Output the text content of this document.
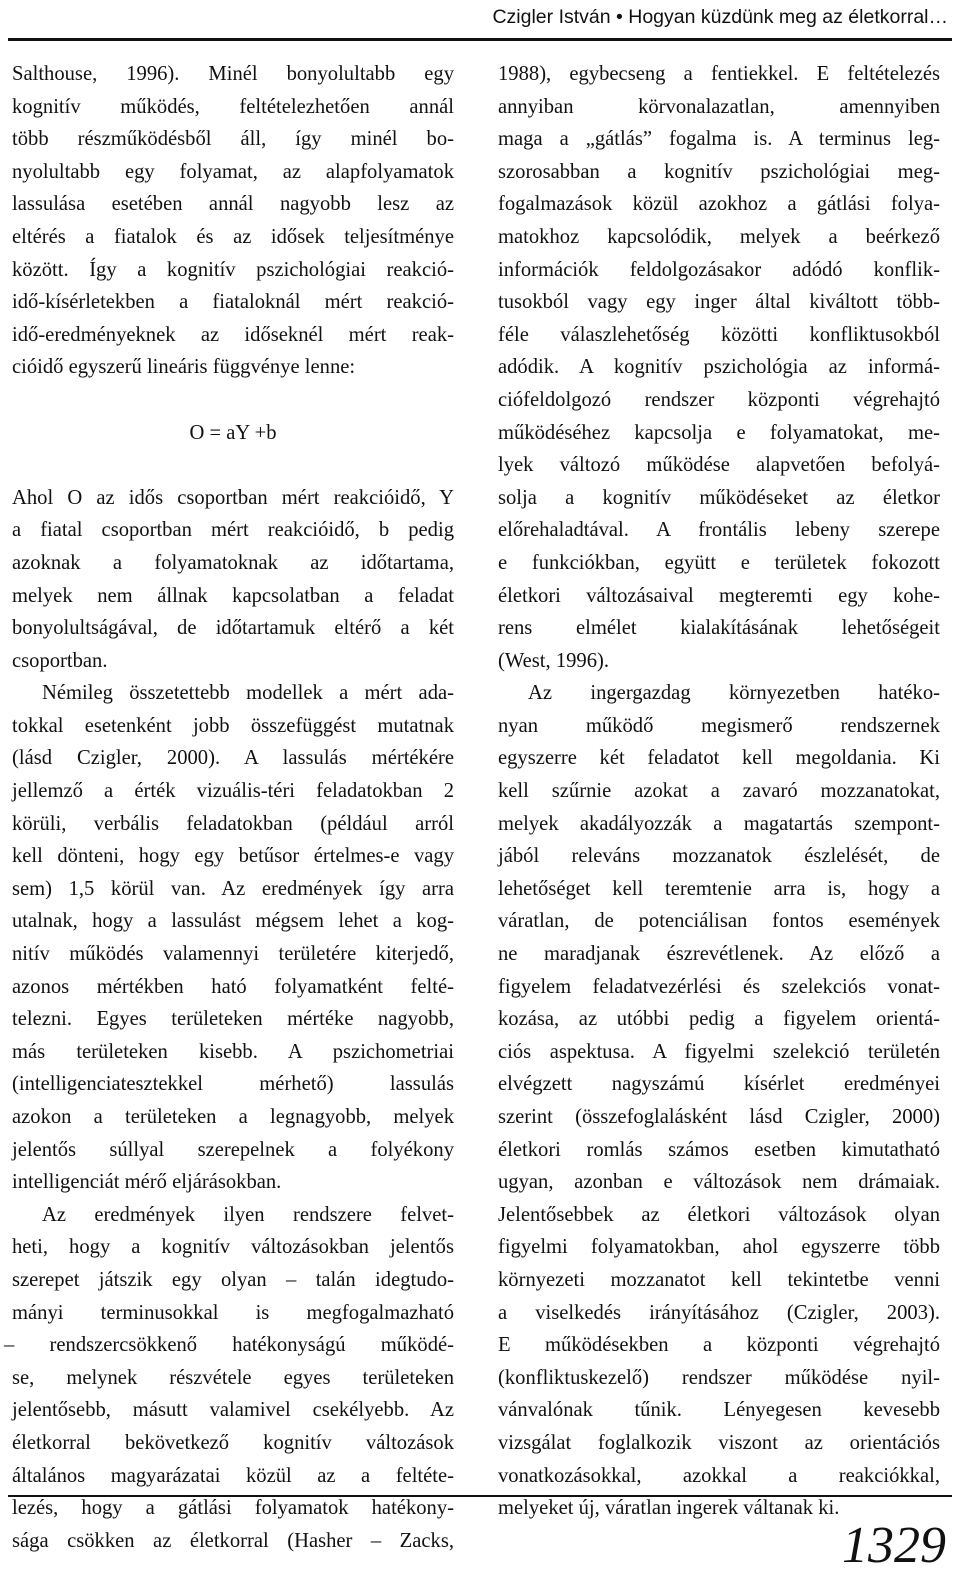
Czigler István • Hogyan küzdünk meg az életkorral…
Salthouse, 1996). Minél bonyolultabb egy
kognitív működés, feltételezhetően annál
több részműködésből áll, így minél bo-
nyolultabb egy folyamat, az alapfolyamatok
lassulása esetében annál nagyobb lesz az
eltérés a fiatalok és az idősek teljesítménye
között. Így a kognitív pszichológiai reakció-
idő-kísérletekben a fiataloknál mért reakció-
idő-eredményeknek az időseknél mért reak-
cióidő egyszerű lineáris függvénye lenne:
O = aY +b
Ahol O az idős csoportban mért reakcióidő, Y
a fiatal csoportban mért reakcióidő, b pedig
azoknak a folyamatoknak az időtartama,
melyek nem állnak kapcsolatban a feladat
bonyolultságával, de időtartamuk eltérő a két
csoportban.
Némileg összetettebb modellek a mért ada-
tokkal esetenként jobb összefüggést mutatnak
(lásd Czigler, 2000). A lassulás mértékére
jellemző a érték vizuális-téri feladatokban 2
körüli, verbális feladatokban (például arról
kell dönteni, hogy egy betűsor értelmes-e vagy
sem) 1,5 körül van. Az eredmények így arra
utalnak, hogy a lassulást mégsem lehet a kog-
nitív működés valamennyi területére kiterjedő,
azonos mértékben ható folyamatként felté-
telezni. Egyes területeken mértéke nagyobb,
más területeken kisebb. A pszichometriai
(intelligenciatesztekkel mérhető) lassulás
azokon a területeken a legnagyobb, melyek
jelentős súllyal szerepelnek a folyékony
intelligenciát mérő eljárásokban.
Az eredmények ilyen rendszere felvet-
heti, hogy a kognitív változásokban jelentős
szerepet játszik egy olyan – talán idegtudo-
mányi terminusokkal is megfogalmazható
– rendszercsökkenő hatékonyságú működé-
se, melynek részvétele egyes területeken
jelentősebb, másutt valamivel csekélyebb. Az
életkorral bekövetkező kognitív változások
általános magyarázatai közül az a feltéte-
lezés, hogy a gátlási folyamatok hatékony-
sága csökken az életkorral (Hasher – Zacks,
1988), egybecseng a fentiekkel. E feltételezés
annyiban körvonalazatlan, amennyiben
maga a „gátlás” fogalma is. A terminus leg-
szorosabban a kognitív pszichológiai meg-
fogalmazások közül azokhoz a gátlási folya-
matokhoz kapcsolódik, melyek a beérkező
információk feldolgozásakor adódó konflik-
tusokból vagy egy inger által kiváltott több-
féle válaszlehetőség közötti konfliktusokból
adódik. A kognitív pszichológia az informá-
ciófeldolgozó rendszer központi végrehajtó
működéséhez kapcsolja e folyamatokat, me-
lyek változó működése alapvetően befolyá-
solja a kognitív működéseket az életkor
előrehaladtával. A frontális lebeny szerepe
e funkciókban, együtt e területek fokozott
életkori változásaival megteremti egy kohe-
rens elmélet kialakításának lehetőségeit
(West, 1996).
Az ingergazdag környezetben hatéko-
nyan működő megismerő rendszernek
egyszerre két feladatot kell megoldania. Ki
kell szűrnie azokat a zavaró mozzanatokat,
melyek akadályozzák a magatartás szempont-
jából releváns mozzanatok észlelését, de
lehetőséget kell teremtenie arra is, hogy a
váratlan, de potenciálisan fontos események
ne maradjanak észrevétlenek. Az előző a
figyelem feladatvezérlési és szelekciós vonat-
kozása, az utóbbi pedig a figyelem orientá-
ciós aspektusa. A figyelmi szelekció területén
elvégzett nagyszámú kísérlet eredményei
szerint (összefoglalásként lásd Czigler, 2000)
életkori romlás számos esetben kimutatható
ugyan, azonban e változások nem drámaiak.
Jelentősebbek az életkori változások olyan
figyelmi folyamatokban, ahol egyszerre több
környezeti mozzanatot kell tekintetbe venni
a viselkedés irányításához (Czigler, 2003).
E működésekben a központi végrehajtó
(konfliktuskezelő) rendszer működése nyil-
vánvalónak tűnik. Lényegesen kevesebb
vizsgálat foglalkozik viszont az orientációs
vonatkozásokkal, azokkal a reakciókkal,
melyeket új, váratlan ingerek váltanak ki.
1329
